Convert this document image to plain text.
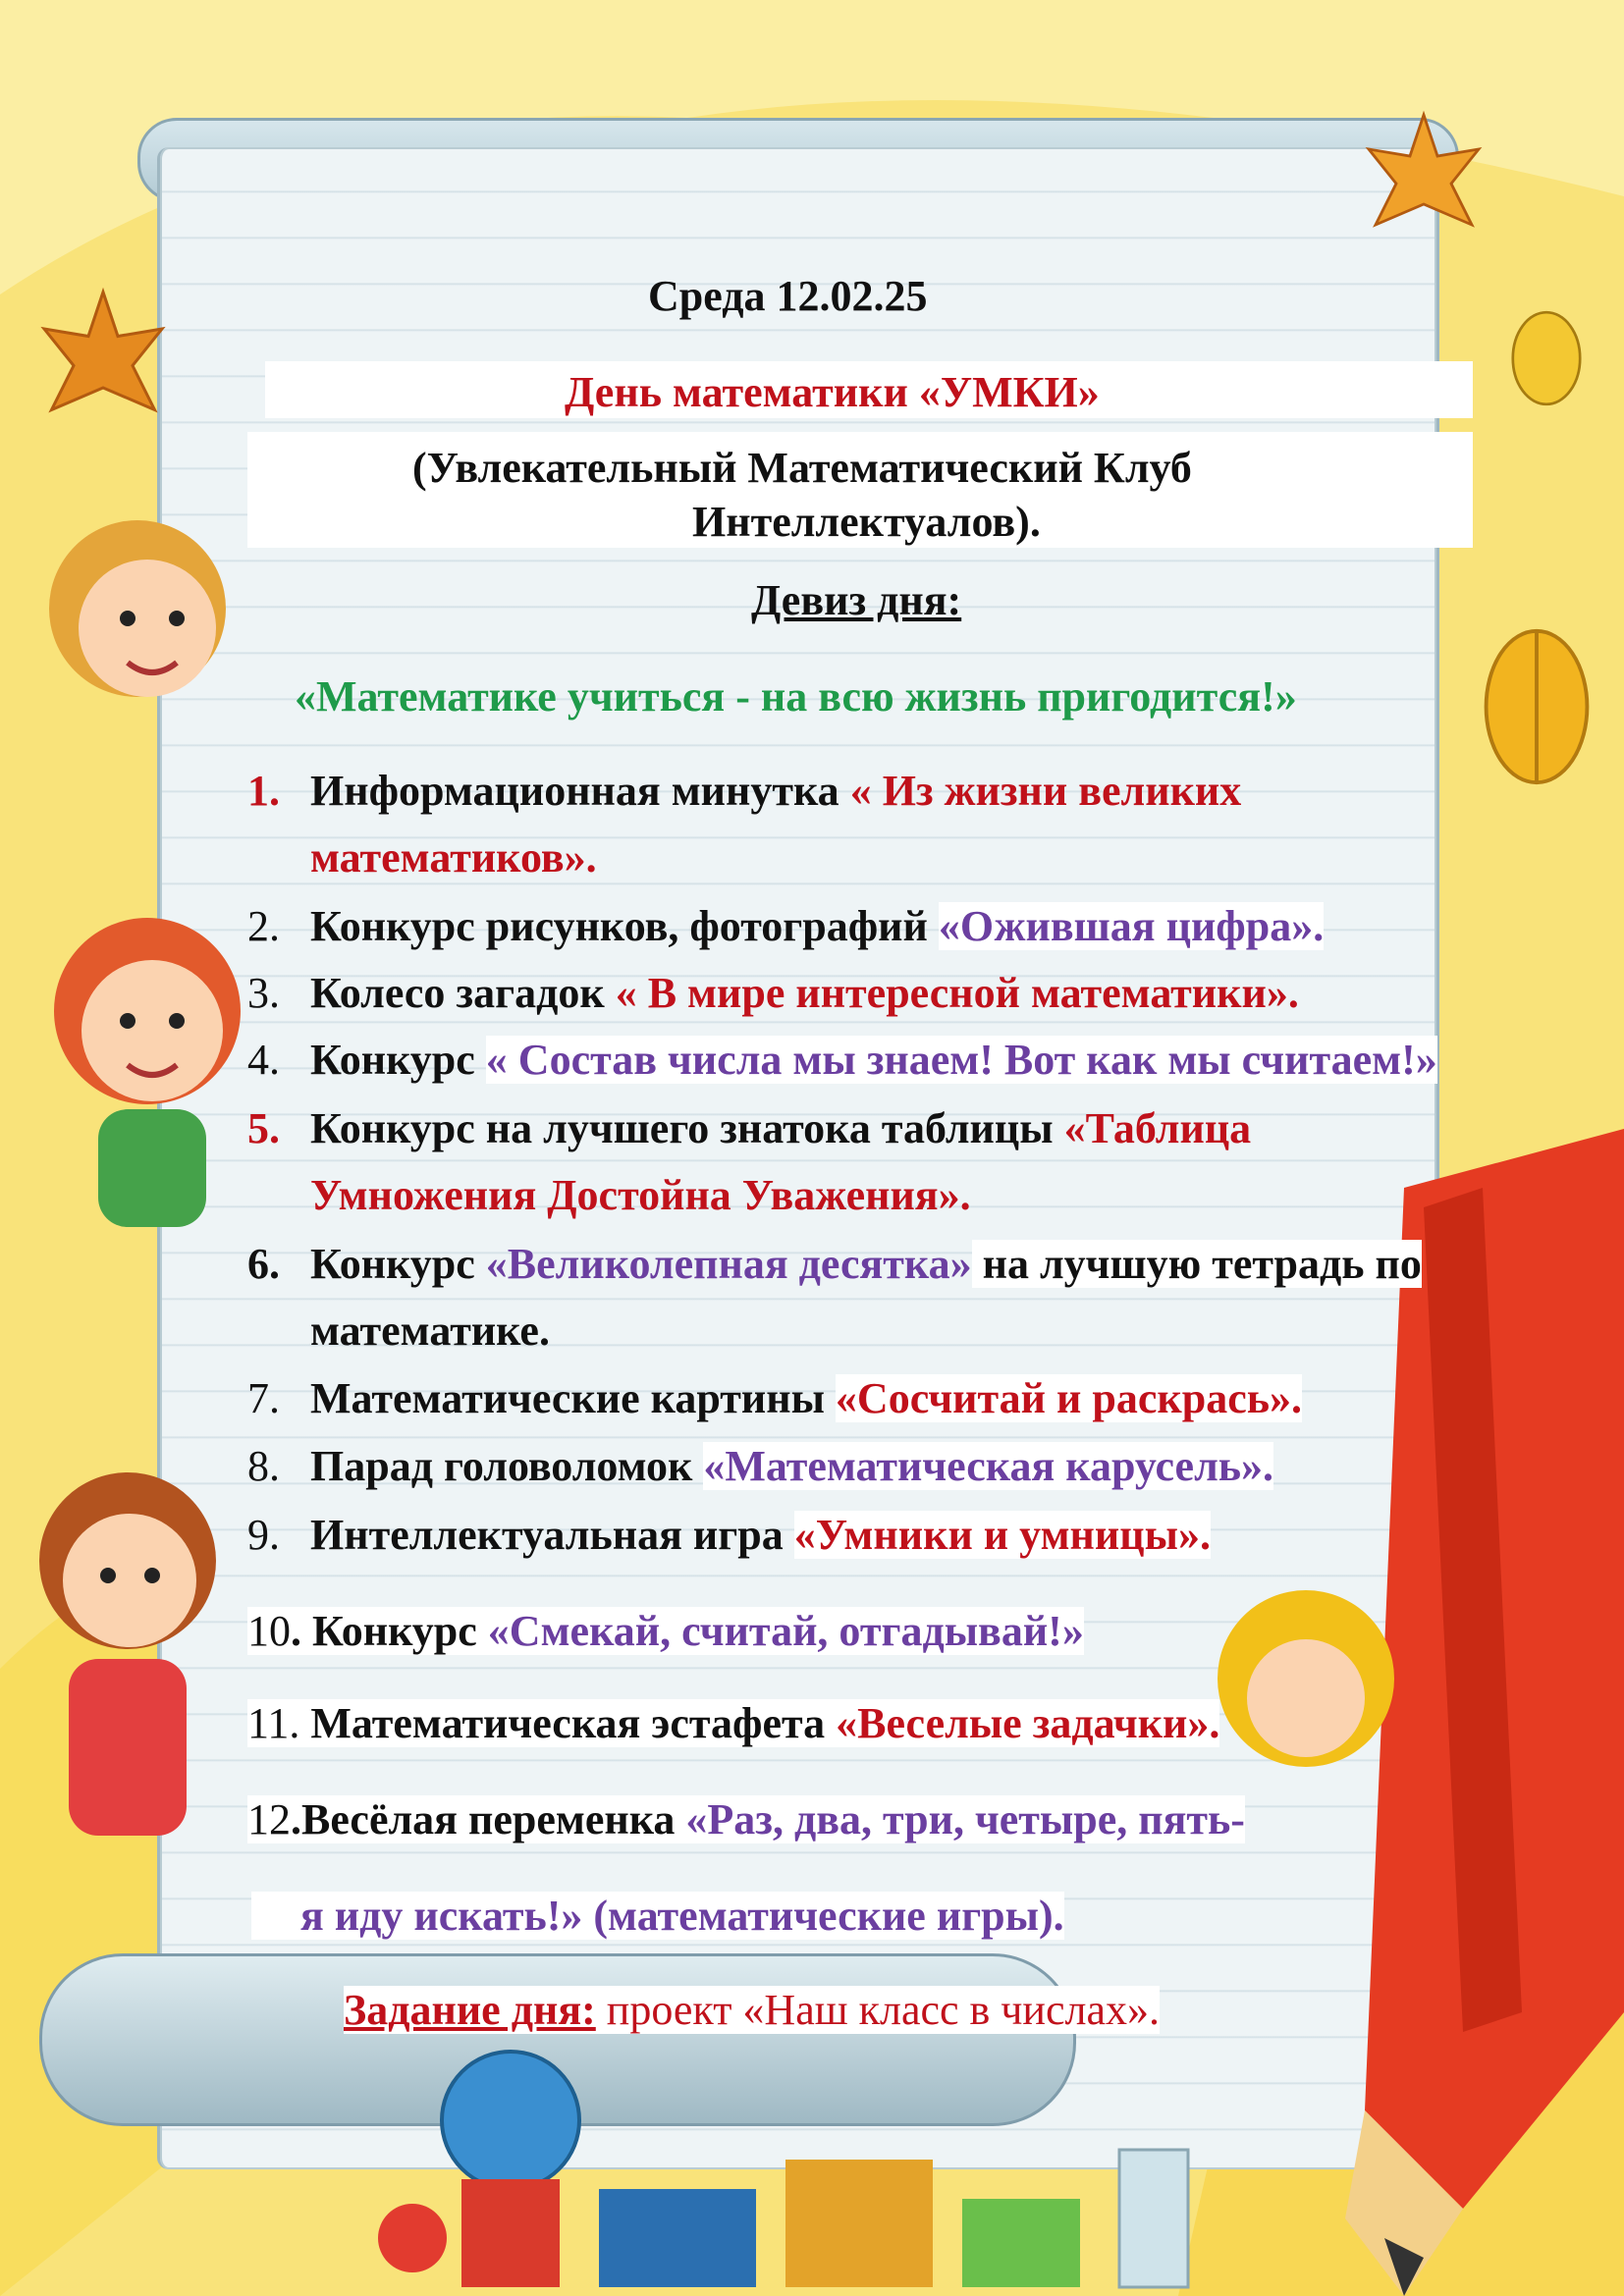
Среда 12.02.25
День математики «УМКИ»
(Увлекательный Математический Клуб
Интеллектуалов).
Девиз дня:
«Математике учиться - на всю жизнь пригодится!»
1. Информационная минутка « Из жизни великих
математиков».
2. Конкурс рисунков, фотографий «Ожившая цифра».
3. Колесо загадок « В мире интересной математики».
4. Конкурс « Состав числа мы знаем! Вот как мы считаем!»
5. Конкурс на лучшего знатока таблицы «Таблица
Умножения Достойна Уважения».
6. Конкурс «Великолепная десятка» на лучшую тетрадь по
математике.
7. Математические картины «Сосчитай и раскрась».
8. Парад головоломок «Математическая карусель».
9. Интеллектуальная игра «Умники и умницы».
10. Конкурс «Смекай, считай, отгадывай!»
11. Математическая эстафета «Веселые задачки».
12.Весёлая переменка «Раз, два, три, четыре, пять-
я иду искать!» (математические игры).
Задание дня: проект «Наш класс в числах».
